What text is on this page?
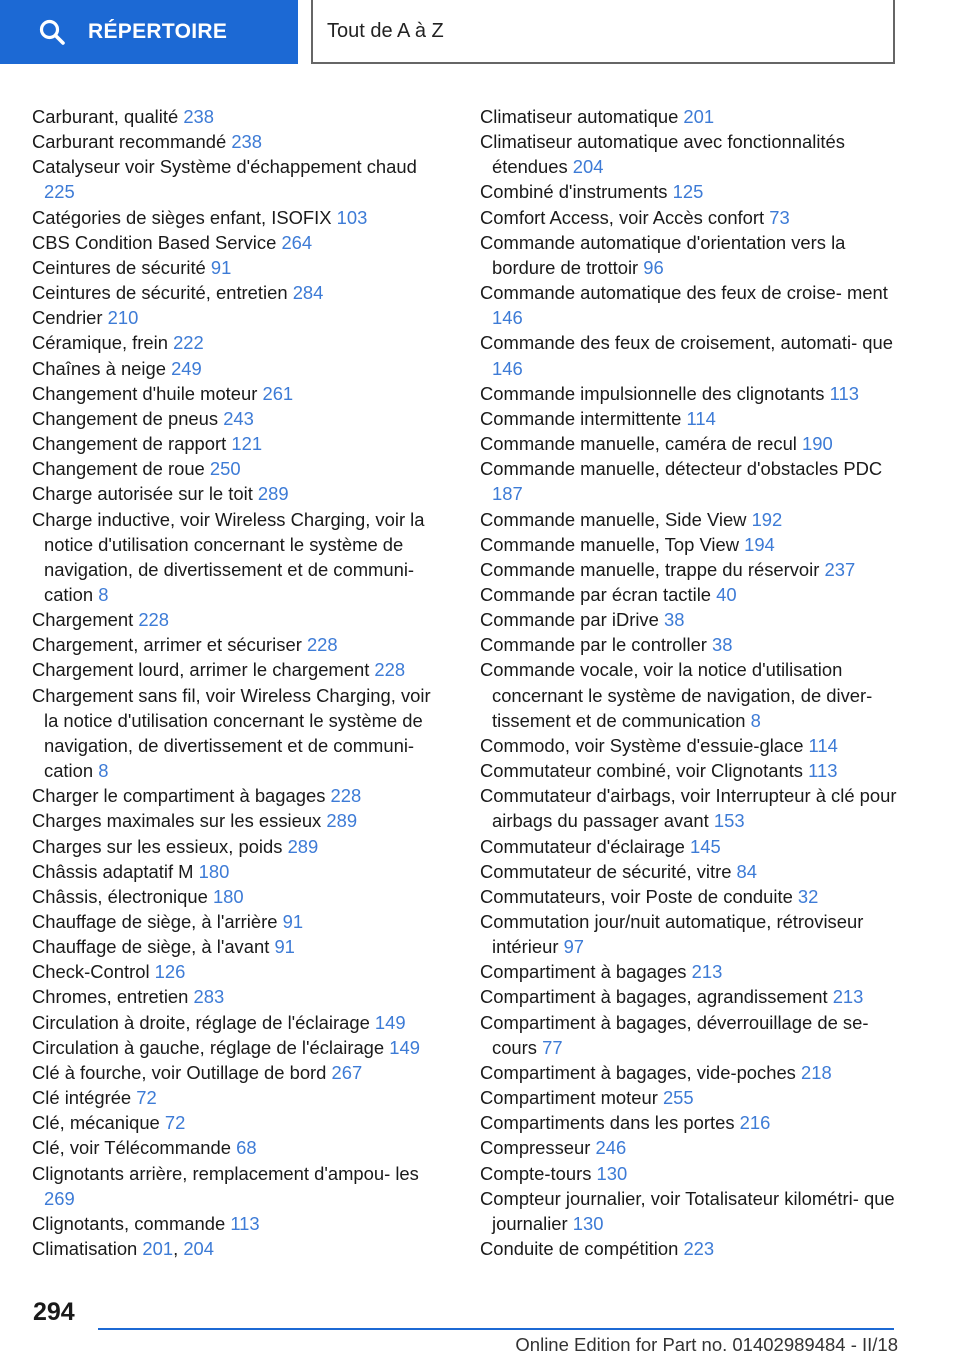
RÉPERTOIRE	Tout de A à Z
Carburant, qualité 238
Carburant recommandé 238
Catalyseur voir Système d'échappement chaud 225
Catégories de sièges enfant, ISOFIX 103
CBS Condition Based Service 264
Ceintures de sécurité 91
Ceintures de sécurité, entretien 284
Cendrier 210
Céramique, frein 222
Chaînes à neige 249
Changement d'huile moteur 261
Changement de pneus 243
Changement de rapport 121
Changement de roue 250
Charge autorisée sur le toit 289
Charge inductive, voir Wireless Charging, voir la notice d'utilisation concernant le système de navigation, de divertissement et de communi‐ cation 8
Chargement 228
Chargement, arrimer et sécuriser 228
Chargement lourd, arrimer le chargement 228
Chargement sans fil, voir Wireless Charging, voir la notice d'utilisation concernant le système de navigation, de divertissement et de communi‐ cation 8
Charger le compartiment à bagages 228
Charges maximales sur les essieux 289
Charges sur les essieux, poids 289
Châssis adaptatif M 180
Châssis, électronique 180
Chauffage de siège, à l'arrière 91
Chauffage de siège, à l'avant 91
Check-Control 126
Chromes, entretien 283
Circulation à droite, réglage de l'éclairage 149
Circulation à gauche, réglage de l'éclairage 149
Clé à fourche, voir Outillage de bord 267
Clé intégrée 72
Clé, mécanique 72
Clé, voir Télécommande 68
Clignotants arrière, remplacement d'ampou‐ les 269
Clignotants, commande 113
Climatisation 201, 204
Climatiseur automatique 201
Climatiseur automatique avec fonctionnalités étendues 204
Combiné d'instruments 125
Comfort Access, voir Accès confort 73
Commande automatique d'orientation vers la bordure de trottoir 96
Commande automatique des feux de croise‐ ment 146
Commande des feux de croisement, automati‐ que 146
Commande impulsionnelle des clignotants 113
Commande intermittente 114
Commande manuelle, caméra de recul 190
Commande manuelle, détecteur d'obstacles PDC 187
Commande manuelle, Side View 192
Commande manuelle, Top View 194
Commande manuelle, trappe du réservoir 237
Commande par écran tactile 40
Commande par iDrive 38
Commande par le controller 38
Commande vocale, voir la notice d'utilisation concernant le système de navigation, de diver‐ tissement et de communication 8
Commodo, voir Système d'essuie-glace 114
Commutateur combiné, voir Clignotants 113
Commutateur d'airbags, voir Interrupteur à clé pour airbags du passager avant 153
Commutateur d'éclairage 145
Commutateur de sécurité, vitre 84
Commutateurs, voir Poste de conduite 32
Commutation jour/nuit automatique, rétroviseur intérieur 97
Compartiment à bagages 213
Compartiment à bagages, agrandissement 213
Compartiment à bagages, déverrouillage de se‐ cours 77
Compartiment à bagages, vide-poches 218
Compartiment moteur 255
Compartiments dans les portes 216
Compresseur 246
Compte-tours 130
Compteur journalier, voir Totalisateur kilométri‐ que journalier 130
Conduite de compétition 223
294
Online Edition for Part no. 01402989484 - II/18
